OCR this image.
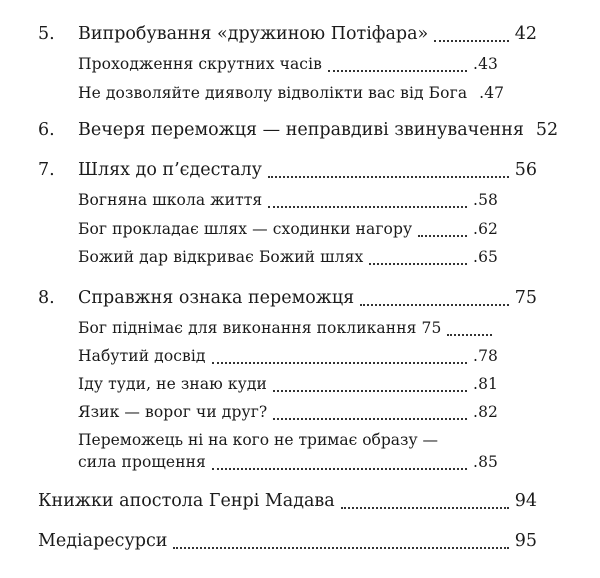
5.	Випробування «дружиною Потіфара»	42
Проходження скрутних часів	.43
Не дозволяйте дияволу відволікти вас від Бога .47
6.	Вечеря переможця — неправдиві звинувачення 52
7.	Шлях до п’єдесталу	56
Вогняна школа життя	.58
Бог прокладає шлях — сходинки нагору	.62
Божий дар відкриває Божий шлях	.65
8.	Справжня ознака переможця	75
Бог піднімає для виконання покликання 75
Набутий досвід	.78
Іду туди, не знаю куди	.81
Язик — ворог чи друг?	.82
Переможець ні на кого не тримає образу —
сила прощення	.85
Книжки апостола Генрі Мадава	94
Медіаресурси	95
